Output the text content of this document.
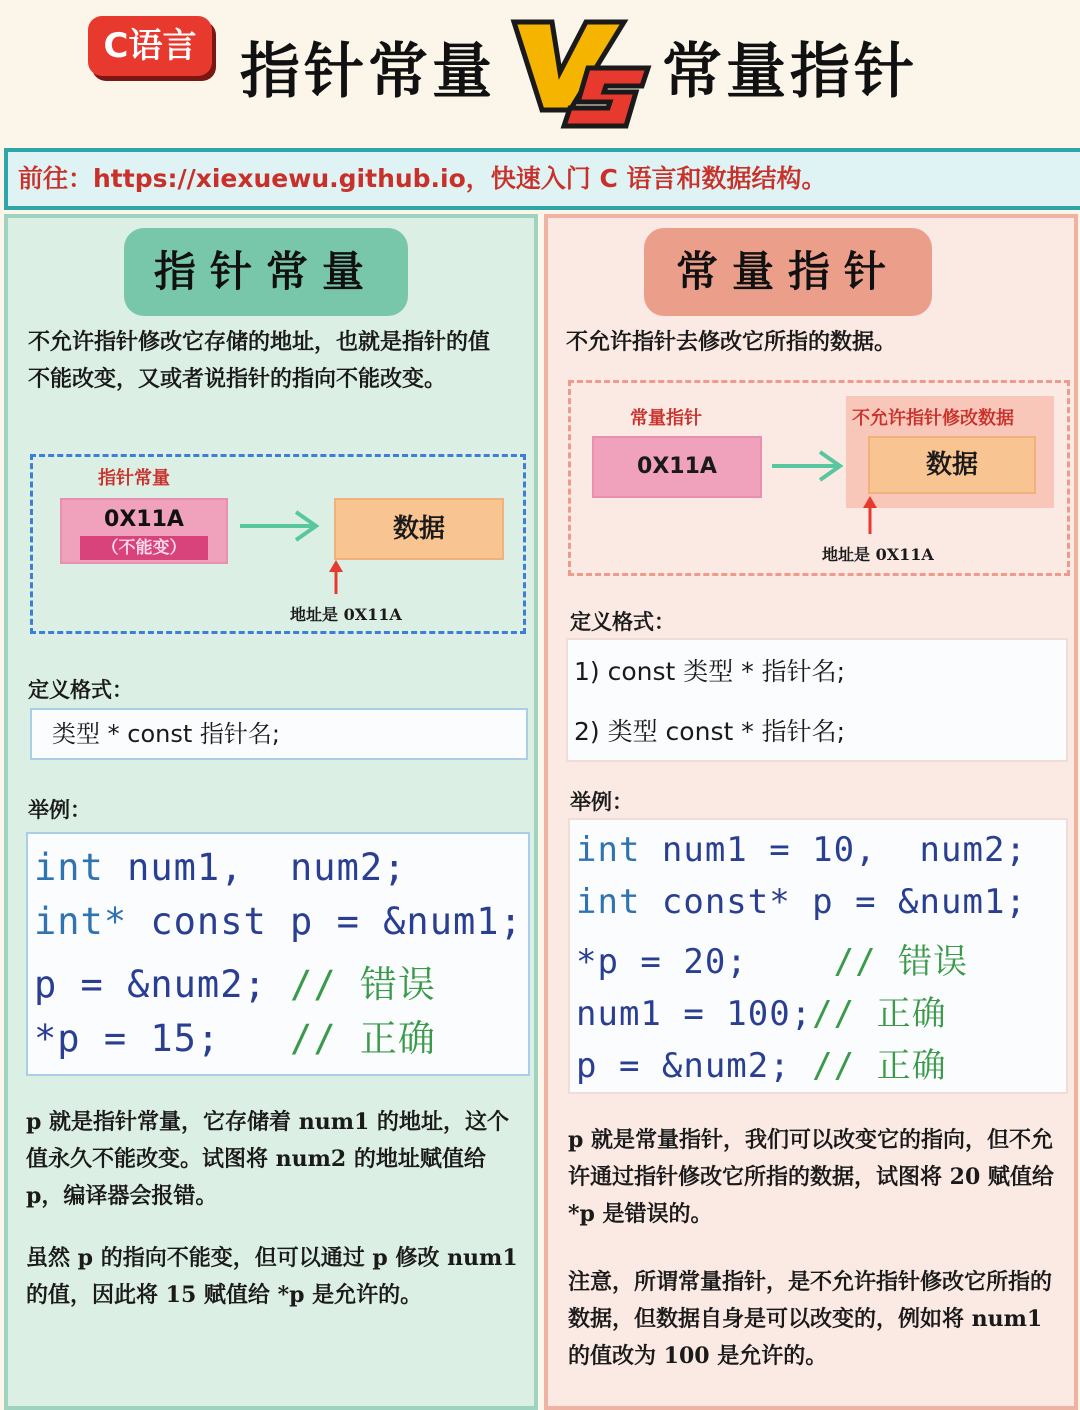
C语言 指针常量	常量指针
前往：https://xiexuewu.github.io，快速入门 C 语言和数据结构。
指针常量
不允许指针修改它存储的地址，也就是指针的值不能改变，又或者说指针的指向不能改变。
指针常量
0X11A
（不能变）
数据
地址是 0X11A
定义格式：
类型 * const 指针名;
举例：
int num1,  num2;
int* const p = &num1;
p = &num2; // 错误
*p = 15;   // 正确
p 就是指针常量，它存储着 num1 的地址，这个值永久不能改变。试图将 num2 的地址赋值给 p，编译器会报错。
虽然 p 的指向不能变，但可以通过 p 修改 num1 的值，因此将 15 赋值给 *p 是允许的。
常量指针
不允许指针去修改它所指的数据。
常量指针
0X11A
不允许指针修改数据
数据
地址是 0X11A
定义格式：
1) const 类型 * 指针名;
2) 类型 const * 指针名;
举例：
int num1 = 10,  num2;
int const* p = &num1;
*p = 20;    // 错误
num1 = 100;// 正确
p = &num2; // 正确
p 就是常量指针，我们可以改变它的指向，但不允许通过指针修改它所指的数据，试图将 20 赋值给 *p 是错误的。
注意，所谓常量指针，是不允许指针修改它所指的数据，但数据自身是可以改变的，例如将 num1 的值改为 100 是允许的。
